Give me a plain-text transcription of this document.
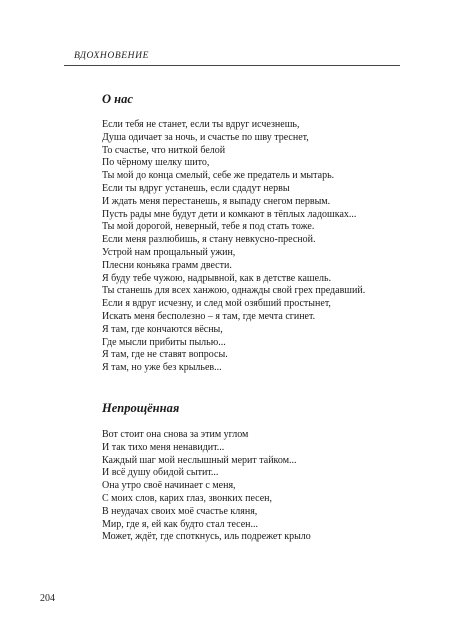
ВДОХНОВЕНИЕ
О нас
Если тебя не станет, если ты вдруг исчезнешь,
Душа одичает за ночь, и счастье по шву треснет,
То счастье, что ниткой белой
По чёрному шелку шито,
Ты мой до конца смелый, себе же предатель и мытарь.
Если ты вдруг устанешь, если сдадут нервы
И ждать меня перестанешь, я выпаду снегом первым.
Пусть рады мне будут дети и комкают в тёплых ладошках...
Ты мой дорогой, неверный, тебе я под стать тоже.
Если меня разлюбишь, я стану невкусно-пресной.
Устрой нам прощальный ужин,
Плесни коньяка грамм двести.
Я буду тебе чужою, надрывной, как в детстве кашель.
Ты станешь для всех ханжою, однажды свой грех предавший.
Если я вдруг исчезну, и след мой озябший простынет,
Искать меня бесполезно – я там, где мечта сгинет.
Я там, где кончаются вёсны,
Где мысли прибиты пылью...
Я там, где не ставят вопросы.
Я там, но уже без крыльев...
Непрощённая
Вот стоит она снова за этим углом
И так тихо меня ненавидит...
Каждый шаг мой неслышный мерит тайком...
И всё душу обидой сытит...
Она утро своё начинает с меня,
С моих слов, карих глаз, звонких песен,
В неудачах своих моё счастье кляня,
Мир, где я, ей как будто стал тесен...
Может, ждёт, где споткнусь, иль подрежет крыло
204
